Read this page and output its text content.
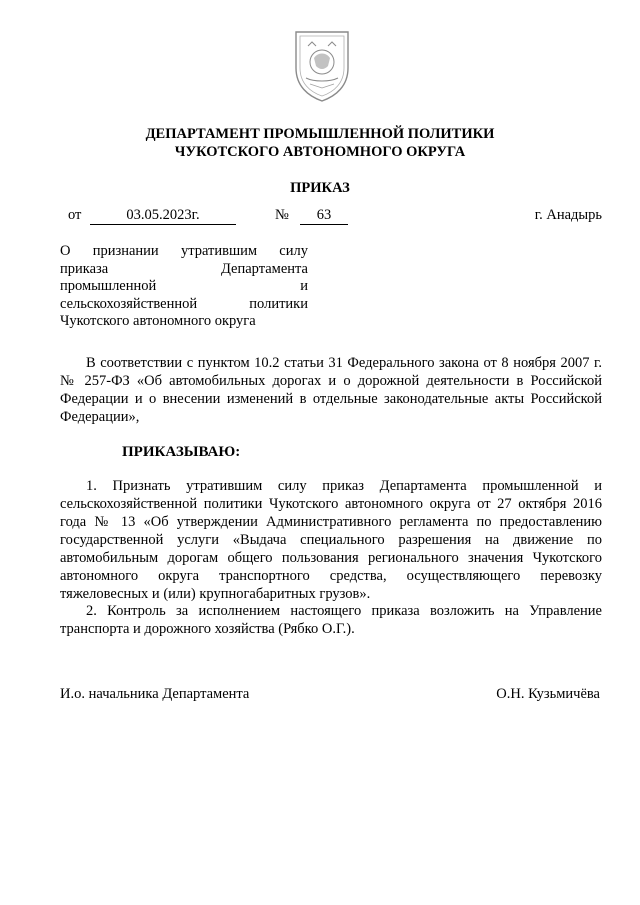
ДЕПАРТАМЕНТ ПРОМЫШЛЕННОЙ ПОЛИТИКИ

ЧУКОТСКОГО АВТОНОМНОГО ОКРУГА

ПРИКАЗ

от	03.05.2023г.	№	63	г. Анадырь
О признании утратившим силу
приказа Департамента
промышленной и
сельскохозяйственной политики
Чукотского автономного округа

В соответствии с пунктом 10.2 статьи 31 Федерального закона от 8 ноября 2007 г. № 257-ФЗ «Об автомобильных дорогах и о дорожной деятельности в Российской Федерации и о внесении изменений в отдельные законодательные акты Российской Федерации»,

ПРИКАЗЫВАЮ:

1. Признать утратившим силу приказ Департамента промышленной и сельскохозяйственной политики Чукотского автономного округа от 27 октября 2016 года № 13 «Об утверждении Административного регламента по предоставлению государственной услуги «Выдача специального разрешения на движение по автомобильным дорогам общего пользования регионального значения Чукотского автономного округа транспортного средства, осуществляющего перевозку тяжеловесных и (или) крупногабаритных грузов».

2. Контроль за исполнением настоящего приказа возложить на Управление транспорта и дорожного хозяйства (Рябко О.Г.).

И.о. начальника Департамента	О.Н. Кузьмичёва
